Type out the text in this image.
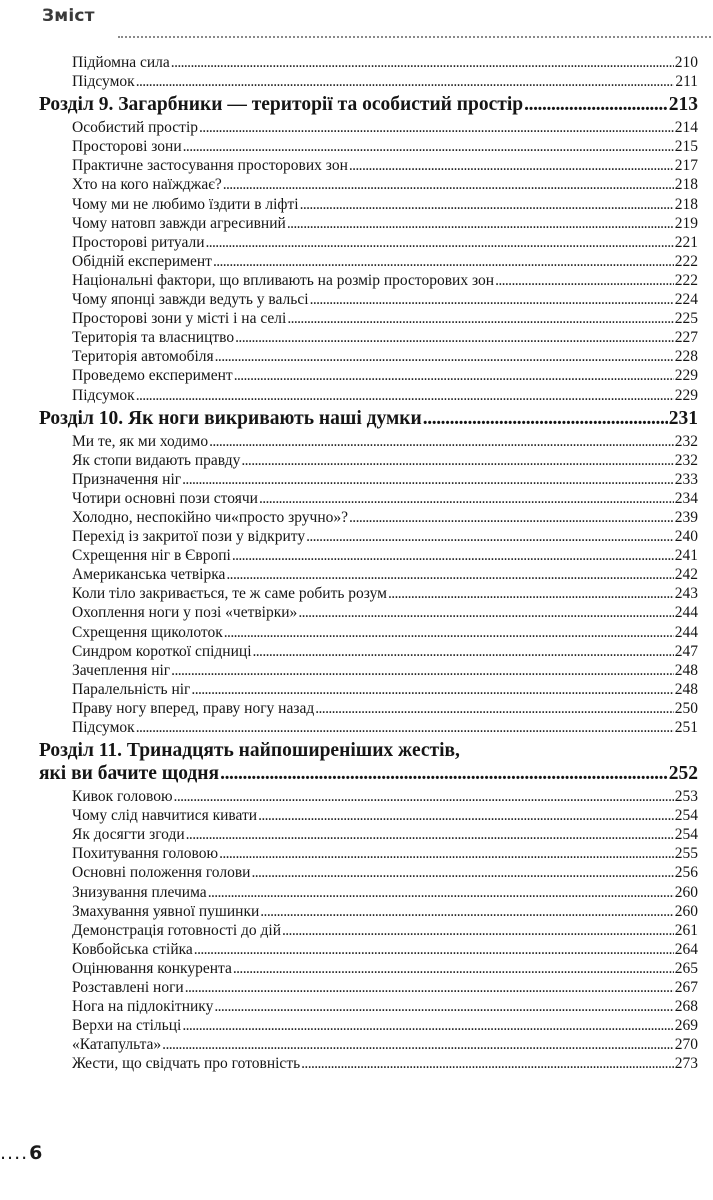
Зміст
Підйомна сила .....	210
Підсумок .....	211
Розділ 9. Загарбники — території та особистий простір .....	213
Особистий простір .....	214
Просторові зони .....	215
Практичне застосування просторових зон .....	217
Хто на кого наїжджає? .....	218
Чому ми не любимо їздити в ліфті .....	218
Чому натовп завжди агресивний .....	219
Просторові ритуали .....	221
Обідній експеримент .....	222
Національні фактори, що впливають на розмір просторових зон .....	222
Чому японці завжди ведуть у вальсі .....	224
Просторові зони у місті і на селі .....	225
Територія та власництво .....	227
Територія автомобіля .....	228
Проведемо експеримент .....	229
Підсумок .....	229
Розділ 10. Як ноги викривають наші думки .....	231
Ми те, як ми ходимо .....	232
Як стопи видають правду .....	232
Призначення ніг .....	233
Чотири основні пози стоячи .....	234
Холодно, неспокійно чи«просто зручно»? .....	239
Перехід із закритої пози у відкриту .....	240
Схрещення ніг в Європі .....	241
Американська четвірка .....	242
Коли тіло закривається, те ж саме робить розум .....	243
Охоплення ноги у позі «четвірки» .....	244
Схрещення щиколоток .....	244
Синдром короткої спідниці .....	247
Зачеплення ніг .....	248
Паралельність ніг .....	248
Праву ногу вперед, праву ногу назад .....	250
Підсумок .....	251
Розділ 11. Тринадцять найпоширеніших жестів,
які ви бачите щодня .....	252
Кивок головою .....	253
Чому слід навчитися кивати .....	254
Як досягти згоди .....	254
Похитування головою .....	255
Основні положення голови .....	256
Знизування плечима .....	260
Змахування уявної пушинки .....	260
Демонстрація готовності до дій .....	261
Ковбойська стійка .....	264
Оцінювання конкурента .....	265
Розставлені ноги .....	267
Нога на підлокітнику .....	268
Верхи на стільці .....	269
«Катапульта» .....	270
Жести, що свідчать про готовність .....	273
....6
